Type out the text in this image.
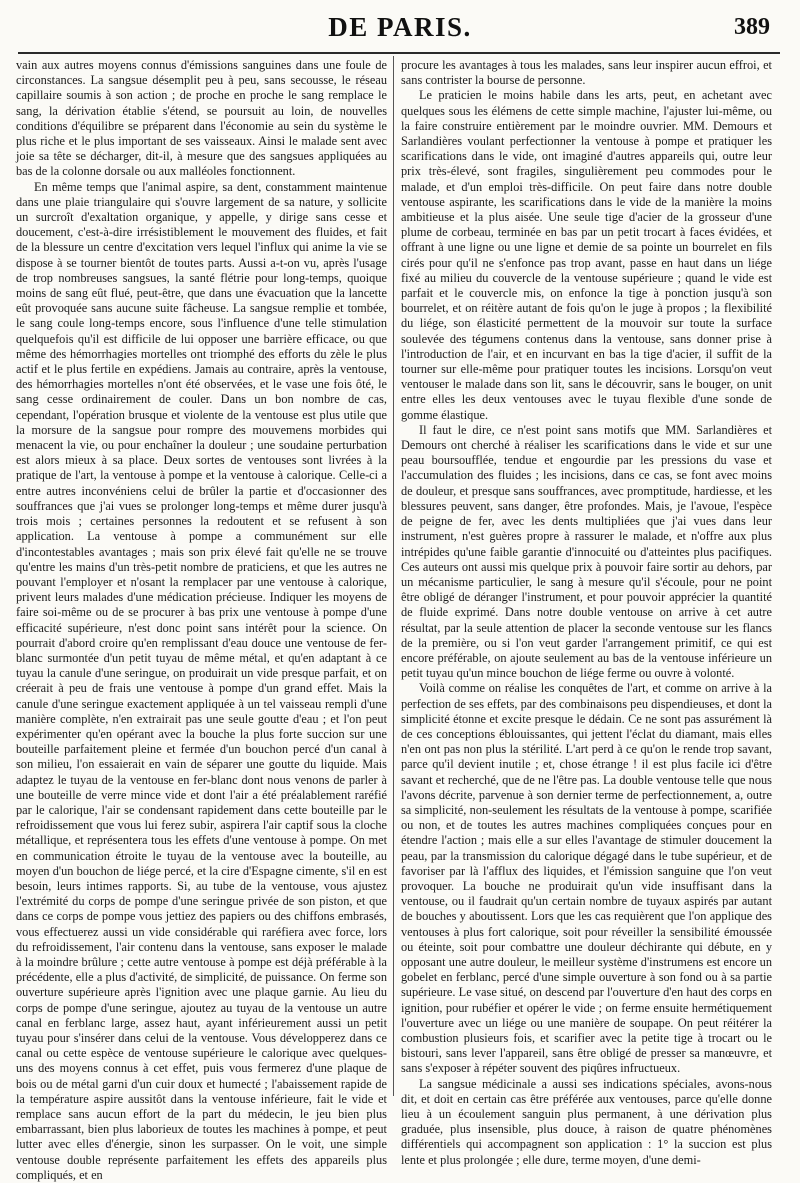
DE PARIS.	389

vain aux autres moyens connus d'émissions sanguines dans une foule de circonstances. La sangsue désemplit peu à peu, sans secousse, le réseau capillaire soumis à son action ; de proche en proche le sang remplace le sang, la dérivation établie s'étend, se poursuit au loin, de nouvelles conditions d'équilibre se préparent dans l'économie au sein du système le plus riche et le plus important de ses vaisseaux. Ainsi le malade sent avec joie sa tête se décharger, dit-il, à mesure que des sangsues appliquées au bas de la colonne dorsale ou aux malléoles fonctionnent.

En même temps que l'animal aspire, sa dent, constamment maintenue dans une plaie triangulaire qui s'ouvre largement de sa nature, y sollicite un surcroît d'exaltation organique, y appelle, y dirige sans cesse et doucement, c'est-à-dire irrésistiblement le mouvement des fluides, et fait de la blessure un centre d'excitation vers lequel l'influx qui anime la vie se dispose à se tourner bientôt de toutes parts. Aussi a-t-on vu, après l'usage de trop nombreuses sangsues, la santé flétrie pour long-temps, quoique moins de sang eût flué, peut-être, que dans une évacuation que la lancette eût provoquée sans aucune suite fâcheuse. La sangsue remplie et tombée, le sang coule long-temps encore, sous l'influence d'une telle stimulation quelquefois qu'il est difficile de lui opposer une barrière efficace, ou que même des hémorrhagies mortelles ont triomphé des efforts du zèle le plus actif et le plus fertile en expédiens. Jamais au contraire, après la ventouse, des hémorrhagies mortelles n'ont été observées, et le vase une fois ôté, le sang cesse ordinairement de couler. Dans un bon nombre de cas, cependant, l'opération brusque et violente de la ventouse est plus utile que la morsure de la sangsue pour rompre des mouvemens morbides qui menacent la vie, ou pour enchaîner la douleur ; une soudaine perturbation est alors mieux à sa place. Deux sortes de ventouses sont livrées à la pratique de l'art, la ventouse à pompe et la ventouse à calorique. Celle-ci a entre autres inconvéniens celui de brûler la partie et d'occasionner des souffrances que j'ai vues se prolonger long-temps et même durer jusqu'à trois mois ; certaines personnes la redoutent et se refusent à son application. La ventouse à pompe a communément sur elle d'incontestables avantages ; mais son prix élevé fait qu'elle ne se trouve qu'entre les mains d'un très-petit nombre de praticiens, et que les autres ne pouvant l'employer et n'osant la remplacer par une ventouse à calorique, privent leurs malades d'une médication précieuse. Indiquer les moyens de faire soi-même ou de se procurer à bas prix une ventouse à pompe d'une efficacité supérieure, n'est donc point sans intérêt pour la science. On pourrait d'abord croire qu'en remplissant d'eau douce une ventouse de fer-blanc surmontée d'un petit tuyau de même métal, et qu'en adaptant à ce tuyau la canule d'une seringue, on produirait un vide presque parfait, et on créerait à peu de frais une ventouse à pompe d'un grand effet. Mais la canule d'une seringue exactement appliquée à un tel vaisseau rempli d'une manière complète, n'en extrairait pas une seule goutte d'eau ; et l'on peut expérimenter qu'en opérant avec la bouche la plus forte succion sur une bouteille parfaitement pleine et fermée d'un bouchon percé d'un canal à son milieu, l'on essaierait en vain de séparer une goutte du liquide. Mais adaptez le tuyau de la ventouse en fer-blanc dont nous venons de parler à une bouteille de verre mince vide et dont l'air a été préalablement raréfié par le calorique, l'air se condensant rapidement dans cette bouteille par le refroidissement que vous lui ferez subir, aspirera l'air captif sous la cloche métallique, et représentera tous les effets d'une ventouse à pompe. On met en communication étroite le tuyau de la ventouse avec la bouteille, au moyen d'un bouchon de liége percé, et la cire d'Espagne cimente, s'il en est besoin, leurs intimes rapports. Si, au tube de la ventouse, vous ajustez l'extrémité du corps de pompe d'une seringue privée de son piston, et que dans ce corps de pompe vous jettiez des papiers ou des chiffons embrasés, vous effectuerez aussi un vide considérable qui raréfiera avec force, lors du refroidissement, l'air contenu dans la ventouse, sans exposer le malade à la moindre brûlure ; cette autre ventouse à pompe est déjà préférable à la précédente, elle a plus d'activité, de simplicité, de puissance. On ferme son ouverture supérieure après l'ignition avec une plaque garnie. Au lieu du corps de pompe d'une seringue, ajoutez au tuyau de la ventouse un autre canal en ferblanc large, assez haut, ayant inférieurement aussi un petit tuyau pour s'insérer dans celui de la ventouse. Vous développerez dans ce canal ou cette espèce de ventouse supérieure le calorique avec quelques-uns des moyens connus à cet effet, puis vous fermerez d'une plaque de bois ou de métal garni d'un cuir doux et humecté ; l'abaissement rapide de la température aspire aussitôt dans la ventouse inférieure, fait le vide et remplace sans aucun effort de la part du médecin, le jeu bien plus embarrassant, bien plus laborieux de toutes les machines à pompe, et peut lutter avec elles d'énergie, sinon les surpasser. On le voit, une simple ventouse double représente parfaitement les effets des appareils plus compliqués, et en

procure les avantages à tous les malades, sans leur inspirer aucun effroi, et sans contrister la bourse de personne.

Le praticien le moins habile dans les arts, peut, en achetant avec quelques sous les élémens de cette simple machine, l'ajuster lui-même, ou la faire construire entièrement par le moindre ouvrier. MM. Demours et Sarlandières voulant perfectionner la ventouse à pompe et pratiquer les scarifications dans le vide, ont imaginé d'autres appareils qui, outre leur prix très-élevé, sont fragiles, singulièrement peu commodes pour le malade, et d'un emploi très-difficile. On peut faire dans notre double ventouse aspirante, les scarifications dans le vide de la manière la moins ambitieuse et la plus aisée. Une seule tige d'acier de la grosseur d'une plume de corbeau, terminée en bas par un petit trocart à faces évidées, et offrant à une ligne ou une ligne et demie de sa pointe un bourrelet en fils cirés pour qu'il ne s'enfonce pas trop avant, passe en haut dans un liége fixé au milieu du couvercle de la ventouse supérieure ; quand le vide est parfait et le couvercle mis, on enfonce la tige à ponction jusqu'à son bourrelet, et on réitère autant de fois qu'on le juge à propos ; la flexibilité du liége, son élasticité permettent de la mouvoir sur toute la surface soulevée des tégumens contenus dans la ventouse, sans donner prise à l'introduction de l'air, et en incurvant en bas la tige d'acier, il suffit de la tourner sur elle-même pour pratiquer toutes les incisions. Lorsqu'on veut ventouser le malade dans son lit, sans le découvrir, sans le bouger, on unit entre elles les deux ventouses avec le tuyau flexible d'une sonde de gomme élastique.

Il faut le dire, ce n'est point sans motifs que MM. Sarlandières et Demours ont cherché à réaliser les scarifications dans le vide et sur une peau boursoufflée, tendue et engourdie par les pressions du vase et l'accumulation des fluides ; les incisions, dans ce cas, se font avec moins de douleur, et presque sans souffrances, avec promptitude, hardiesse, et les blessures peuvent, sans danger, être profondes. Mais, je l'avoue, l'espèce de peigne de fer, avec les dents multipliées que j'ai vues dans leur instrument, n'est guères propre à rassurer le malade, et n'offre aux plus intrépides qu'une faible garantie d'innocuité ou d'atteintes plus pacifiques. Ces auteurs ont aussi mis quelque prix à pouvoir faire sortir au dehors, par un mécanisme particulier, le sang à mesure qu'il s'écoule, pour ne point être obligé de déranger l'instrument, et pour pouvoir apprécier la quantité de fluide exprimé. Dans notre double ventouse on arrive à cet autre résultat, par la seule attention de placer la seconde ventouse sur les flancs de la première, ou si l'on veut garder l'arrangement primitif, ce qui est encore préférable, on ajoute seulement au bas de la ventouse inférieure un petit tuyau qu'un mince bouchon de liége ferme ou ouvre à volonté.

Voilà comme on réalise les conquêtes de l'art, et comme on arrive à la perfection de ses effets, par des combinaisons peu dispendieuses, et dont la simplicité étonne et excite presque le dédain. Ce ne sont pas assurément là de ces conceptions éblouissantes, qui jettent l'éclat du diamant, mais elles n'en ont pas non plus la stérilité. L'art perd à ce qu'on le rende trop savant, parce qu'il devient inutile ; et, chose étrange ! il est plus facile ici d'être savant et recherché, que de ne l'être pas. La double ventouse telle que nous l'avons décrite, parvenue à son dernier terme de perfectionnement, a, outre sa simplicité, non-seulement les résultats de la ventouse à pompe, scarifiée ou non, et de toutes les autres machines compliquées conçues pour en étendre l'action ; mais elle a sur elles l'avantage de stimuler doucement la peau, par la transmission du calorique dégagé dans le tube supérieur, et de favoriser par là l'afflux des liquides, et l'émission sanguine que l'on veut provoquer. La bouche ne produirait qu'un vide insuffisant dans la ventouse, ou il faudrait qu'un certain nombre de tuyaux aspirés par autant de bouches y aboutissent. Lors que les cas requièrent que l'on applique des ventouses à plus fort calorique, soit pour réveiller la sensibilité émoussée ou éteinte, soit pour combattre une douleur déchirante qui débute, en y opposant une autre douleur, le meilleur système d'instrumens est encore un gobelet en ferblanc, percé d'une simple ouverture à son fond ou à sa partie supérieure. Le vase situé, on descend par l'ouverture d'en haut des corps en ignition, pour rubéfier et opérer le vide ; on ferme ensuite hermétiquement l'ouverture avec un liége ou une manière de soupape. On peut réitérer la combustion plusieurs fois, et scarifier avec la petite tige à trocart ou le bistouri, sans lever l'appareil, sans être obligé de presser sa manœuvre, et sans s'exposer à répéter souvent des piqûres infructueux.

La sangsue médicinale a aussi ses indications spéciales, avons-nous dit, et doit en certain cas être préférée aux ventouses, parce qu'elle donne lieu à un écoulement sanguin plus permanent, à une dérivation plus graduée, plus insensible, plus douce, à raison de quatre phénomènes différentiels qui accompagnent son application : 1° la succion est plus lente et plus prolongée ; elle dure, terme moyen, d'une demi-
